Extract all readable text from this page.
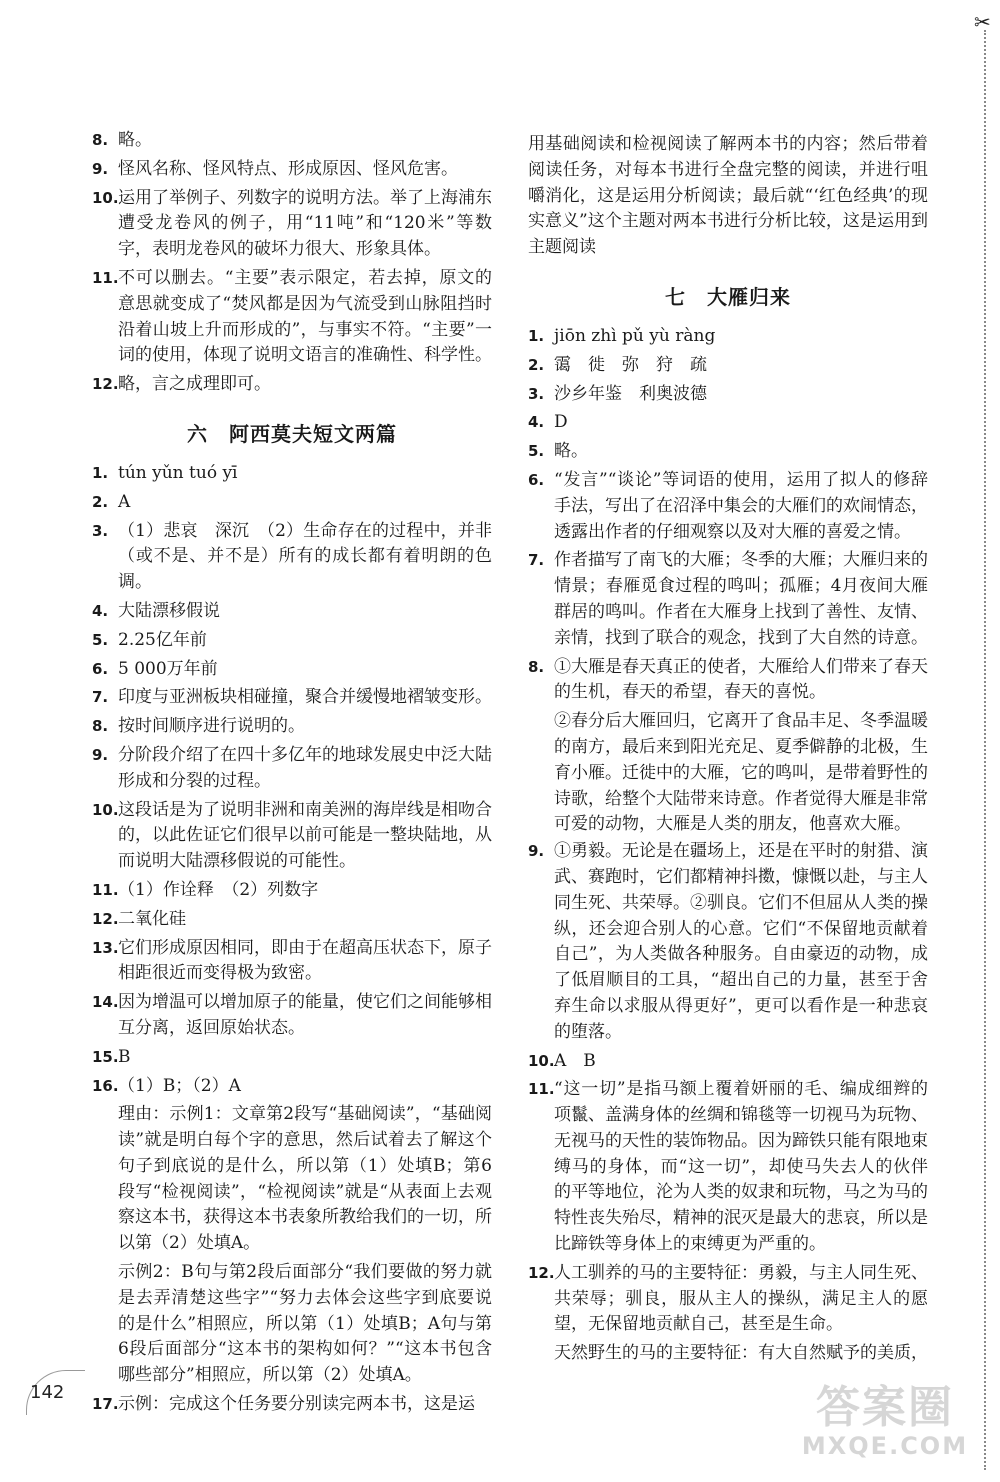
✂
8. 略。
9. 怪风名称、怪风特点、形成原因、怪风危害。
10. 运用了举例子、列数字的说明方法。举了上海浦东遭受龙卷风的例子，用“11吨”和“120米”等数字，表明龙卷风的破坏力很大、形象具体。
11. 不可以删去。“主要”表示限定，若去掉，原文的意思就变成了“焚风都是因为气流受到山脉阻挡时沿着山坡上升而形成的”，与事实不符。“主要”一词的使用，体现了说明文语言的准确性、科学性。
12. 略，言之成理即可。
六　阿西莫夫短文两篇
1. tún yǔn tuó yī
2. A
3. （1）悲哀　深沉　（2）生命存在的过程中，并非（或不是、并不是）所有的成长都有着明朗的色调。
4. 大陆漂移假说
5. 2.25亿年前
6. 5 000万年前
7. 印度与亚洲板块相碰撞，聚合并缓慢地褶皱变形。
8. 按时间顺序进行说明的。
9. 分阶段介绍了在四十多亿年的地球发展史中泛大陆形成和分裂的过程。
10. 这段话是为了说明非洲和南美洲的海岸线是相吻合的，以此佐证它们很早以前可能是一整块陆地，从而说明大陆漂移假说的可能性。
11. （1）作诠释　（2）列数字
12. 二氧化硅
13. 它们形成原因相同，即由于在超高压状态下，原子相距很近而变得极为致密。
14. 因为增温可以增加原子的能量，使它们之间能够相互分离，返回原始状态。
15. B
16. （1）B；（2）A
理由：示例1：文章第2段写“基础阅读”，“基础阅读”就是明白每个字的意思，然后试着去了解这个句子到底说的是什么，所以第（1）处填B；第6段写“检视阅读”，“检视阅读”就是“从表面上去观察这本书，获得这本书表象所教给我们的一切，所以第（2）处填A。
示例2：B句与第2段后面部分“我们要做的努力就是去弄清楚这些字”“努力去体会这些字到底要说的是什么”相照应，所以第（1）处填B；A句与第6段后面部分“这本书的架构如何？”“这本书包含哪些部分”相照应，所以第（2）处填A。
17. 示例：完成这个任务要分别读完两本书，这是运
用基础阅读和检视阅读了解两本书的内容；然后带着阅读任务，对每本书进行全盘完整的阅读，并进行咀嚼消化，这是运用分析阅读；最后就“‘红色经典’的现实意义”这个主题对两本书进行分析比较，这是运用到主题阅读
七　大雁归来
1. jiōn zhì pǔ yù ràng
2. 霭　徙　弥　狩　疏
3. 沙乡年鉴　利奥波德
4. D
5. 略。
6. “发言”“谈论”等词语的使用，运用了拟人的修辞手法，写出了在沼泽中集会的大雁们的欢闹情态，透露出作者的仔细观察以及对大雁的喜爱之情。
7. 作者描写了南飞的大雁；冬季的大雁；大雁归来的情景；春雁觅食过程的鸣叫；孤雁；4月夜间大雁群居的鸣叫。作者在大雁身上找到了善性、友情、亲情，找到了联合的观念，找到了大自然的诗意。
8. ①大雁是春天真正的使者，大雁给人们带来了春天的生机，春天的希望，春天的喜悦。
②春分后大雁回归，它离开了食品丰足、冬季温暖的南方，最后来到阳光充足、夏季僻静的北极，生育小雁。迁徙中的大雁，它的鸣叫，是带着野性的诗歌，给整个大陆带来诗意。作者觉得大雁是非常可爱的动物，大雁是人类的朋友，他喜欢大雁。
9. ①勇毅。无论是在疆场上，还是在平时的射猎、演武、赛跑时，它们都精神抖擞，慷慨以赴，与主人同生死、共荣辱。②驯良。它们不但屈从人类的操纵，还会迎合别人的心意。它们“不保留地贡献着自己”，为人类做各种服务。自由豪迈的动物，成了低眉顺目的工具，“超出自己的力量，甚至于舍弃生命以求服从得更好”，更可以看作是一种悲哀的堕落。
10. A　B
11. “这一切”是指马额上覆着妍丽的毛、编成细辫的项鬣、盖满身体的丝绸和锦毯等一切视马为玩物、无视马的天性的装饰物品。因为蹄铁只能有限地束缚马的身体，而“这一切”，却使马失去人的伙伴的平等地位，沦为人类的奴隶和玩物，马之为马的特性丧失殆尽，精神的泯灭是最大的悲哀，所以是比蹄铁等身体上的束缚更为严重的。
12. 人工驯养的马的主要特征：勇毅，与主人同生死、共荣辱；驯良，服从主人的操纵，满足主人的愿望，无保留地贡献自己，甚至是生命。
天然野生的马的主要特征：有大自然赋予的美质，
142	答案圈
MXQE.COM
